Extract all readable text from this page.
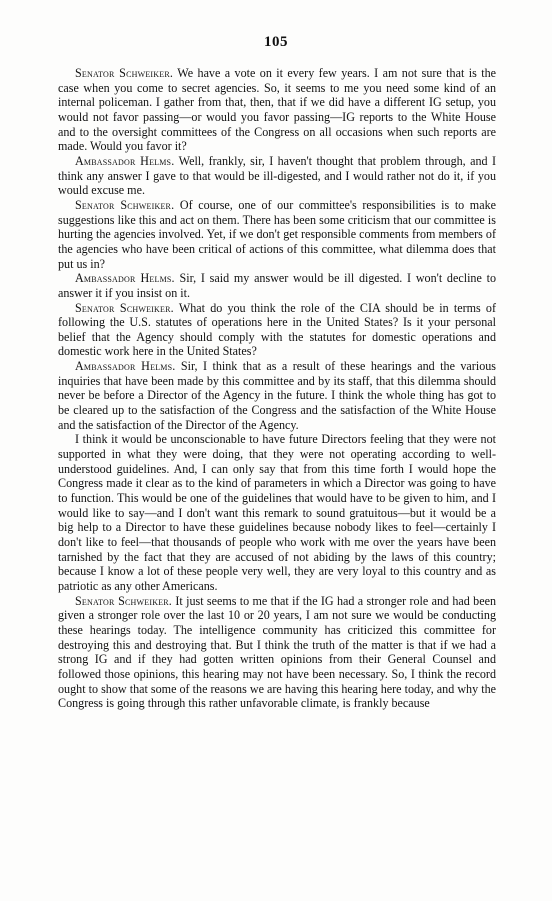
105

Senator Schweiker. We have a vote on it every few years. I am not sure that is the case when you come to secret agencies. So, it seems to me you need some kind of an internal policeman. I gather from that, then, that if we did have a different IG setup, you would not favor passing—or would you favor passing—IG reports to the White House and to the oversight committees of the Congress on all occasions when such reports are made. Would you favor it?

Ambassador Helms. Well, frankly, sir, I haven't thought that problem through, and I think any answer I gave to that would be ill-digested, and I would rather not do it, if you would excuse me.

Senator Schweiker. Of course, one of our committee's responsibilities is to make suggestions like this and act on them. There has been some criticism that our committee is hurting the agencies involved. Yet, if we don't get responsible comments from members of the agencies who have been critical of actions of this committee, what dilemma does that put us in?

Ambassador Helms. Sir, I said my answer would be ill digested. I won't decline to answer it if you insist on it.

Senator Schweiker. What do you think the role of the CIA should be in terms of following the U.S. statutes of operations here in the United States? Is it your personal belief that the Agency should comply with the statutes for domestic operations and domestic work here in the United States?

Ambassador Helms. Sir, I think that as a result of these hearings and the various inquiries that have been made by this committee and by its staff, that this dilemma should never be before a Director of the Agency in the future. I think the whole thing has got to be cleared up to the satisfaction of the Congress and the satisfaction of the White House and the satisfaction of the Director of the Agency.

I think it would be unconscionable to have future Directors feeling that they were not supported in what they were doing, that they were not operating according to well-understood guidelines. And, I can only say that from this time forth I would hope the Congress made it clear as to the kind of parameters in which a Director was going to have to function. This would be one of the guidelines that would have to be given to him, and I would like to say—and I don't want this remark to sound gratuitous—but it would be a big help to a Director to have these guidelines because nobody likes to feel—certainly I don't like to feel—that thousands of people who work with me over the years have been tarnished by the fact that they are accused of not abiding by the laws of this country; because I know a lot of these people very well, they are very loyal to this country and as patriotic as any other Americans.

Senator Schweiker. It just seems to me that if the IG had a stronger role and had been given a stronger role over the last 10 or 20 years, I am not sure we would be conducting these hearings today. The intelligence community has criticized this committee for destroying this and destroying that. But I think the truth of the matter is that if we had a strong IG and if they had gotten written opinions from their General Counsel and followed those opinions, this hearing may not have been necessary. So, I think the record ought to show that some of the reasons we are having this hearing here today, and why the Congress is going through this rather unfavorable climate, is frankly because
